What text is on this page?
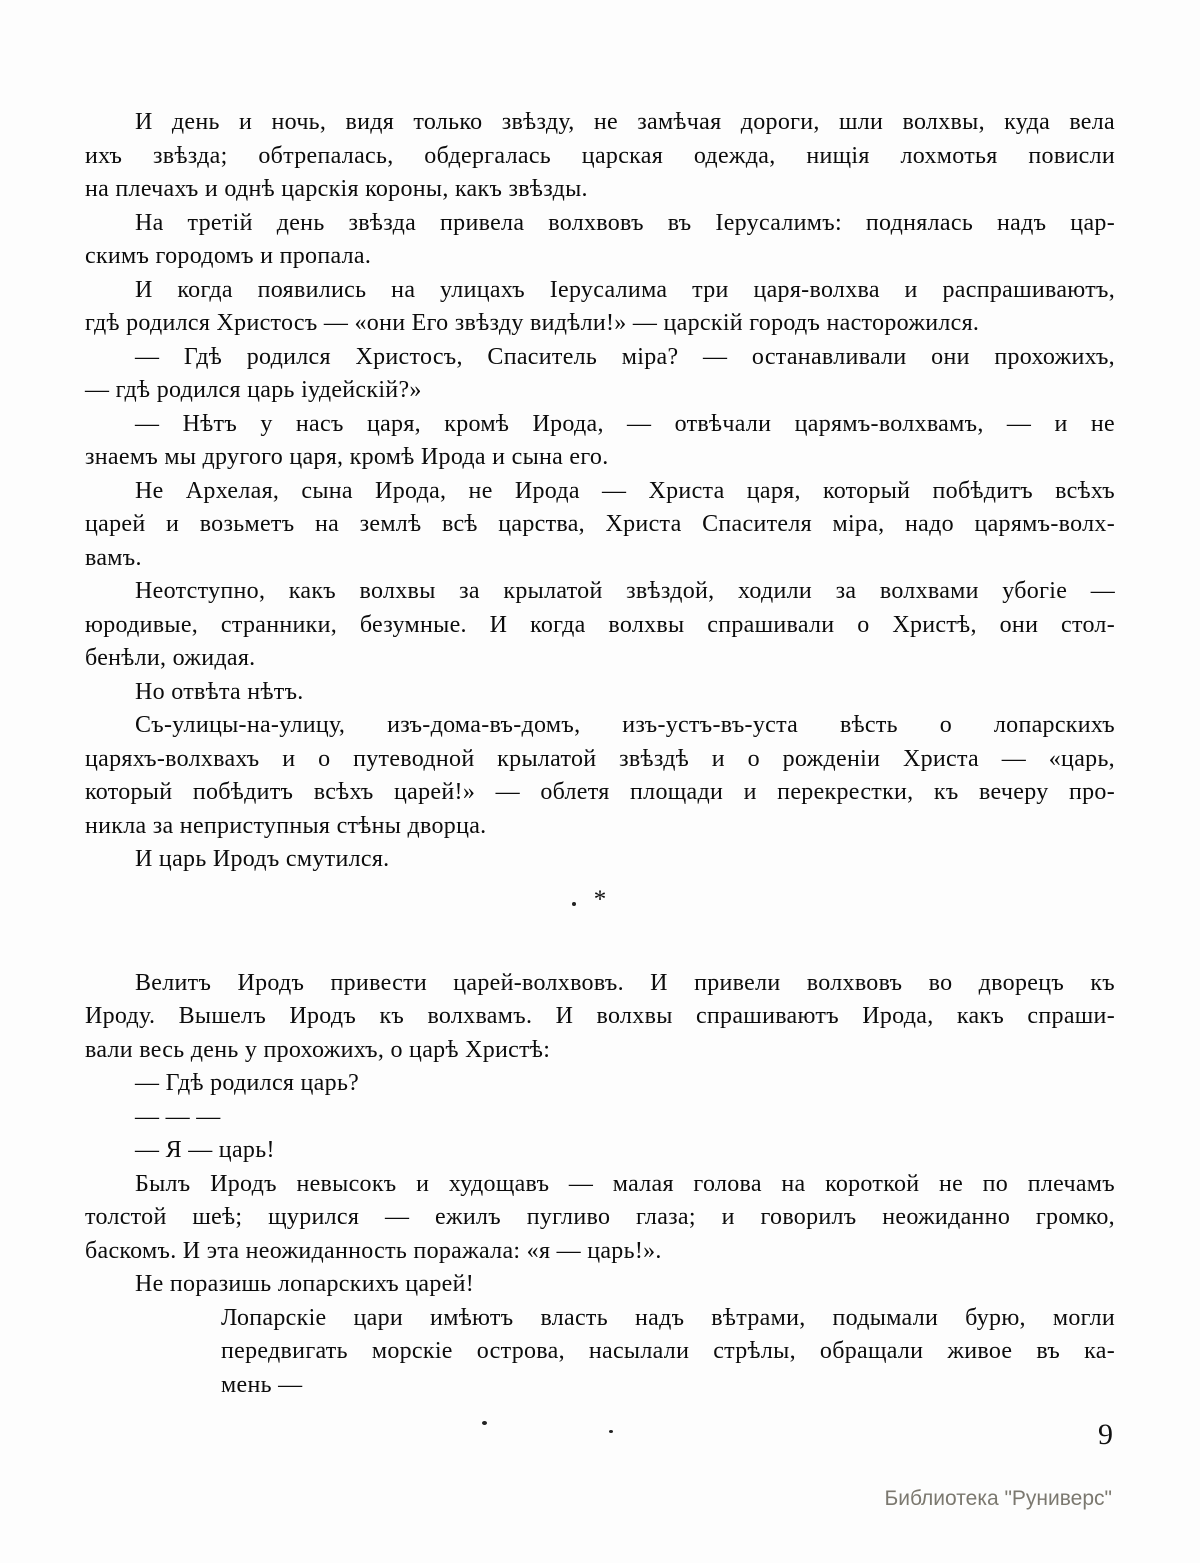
И день и ночь, видя только звѣзду, не замѣчая дороги, шли волхвы, куда вела
ихъ звѣзда; обтрепалась, обдергалась царская одежда, нищія лохмотья повисли
на плечахъ и однѣ царскія короны, какъ звѣзды.
На третій день звѣзда привела волхвовъ въ Іерусалимъ: поднялась надъ цар-
скимъ городомъ и пропала.
И когда появились на улицахъ Іерусалима три царя-волхва и распрашиваютъ,
гдѣ родился Христосъ — «они Его звѣзду видѣли!» — царскій городъ насторожился.
— Гдѣ родился Христосъ, Спаситель міра? — останавливали они прохожихъ,
— гдѣ родился царь іудейскій?»
— Нѣтъ у насъ царя, кромѣ Ирода, — отвѣчали царямъ-волхвамъ, — и не
знаемъ мы другого царя, кромѣ Ирода и сына его.
Не Архелая, сына Ирода, не Ирода — Христа царя, который побѣдитъ всѣхъ
царей и возьметъ на землѣ всѣ царства, Христа Спасителя міра, надо царямъ-волх-
вамъ.
Неотступно, какъ волхвы за крылатой звѣздой, ходили за волхвами убогіе —
юродивые, странники, безумные. И когда волхвы спрашивали о Христѣ, они стол-
бенѣли, ожидая.
Но отвѣта нѣтъ.
Съ-улицы-на-улицу, изъ-дома-въ-домъ, изъ-устъ-въ-уста вѣсть о лопарскихъ
царяхъ-волхвахъ и о путеводной крылатой звѣздѣ и о рожденіи Христа — «царь,
который побѣдитъ всѣхъ царей!» — облетя площади и перекрестки, къ вечеру про-
никла за неприступныя стѣны дворца.
И царь Иродъ смутился.
*
Велитъ Иродъ привести царей-волхвовъ. И привели волхвовъ во дворецъ къ
Ироду. Вышелъ Иродъ къ волхвамъ. И волхвы спрашиваютъ Ирода, какъ спраши-
вали весь день у прохожихъ, о царѣ Христѣ:
— Гдѣ родился царь?
— — —
— Я — царь!
Былъ Иродъ невысокъ и худощавъ — малая голова на короткой не по плечамъ
толстой шеѣ; щурился — ежилъ пугливо глаза; и говорилъ неожиданно громко,
баскомъ. И эта неожиданность поражала: «я — царь!».
Не поразишь лопарскихъ царей!
Лопарскіе цари имѣютъ власть надъ вѣтрами, подымали бурю, могли
передвигать морскіе острова, насылали стрѣлы, обращали живое въ ка-
мень —
9
Библиотека "Руниверс"
